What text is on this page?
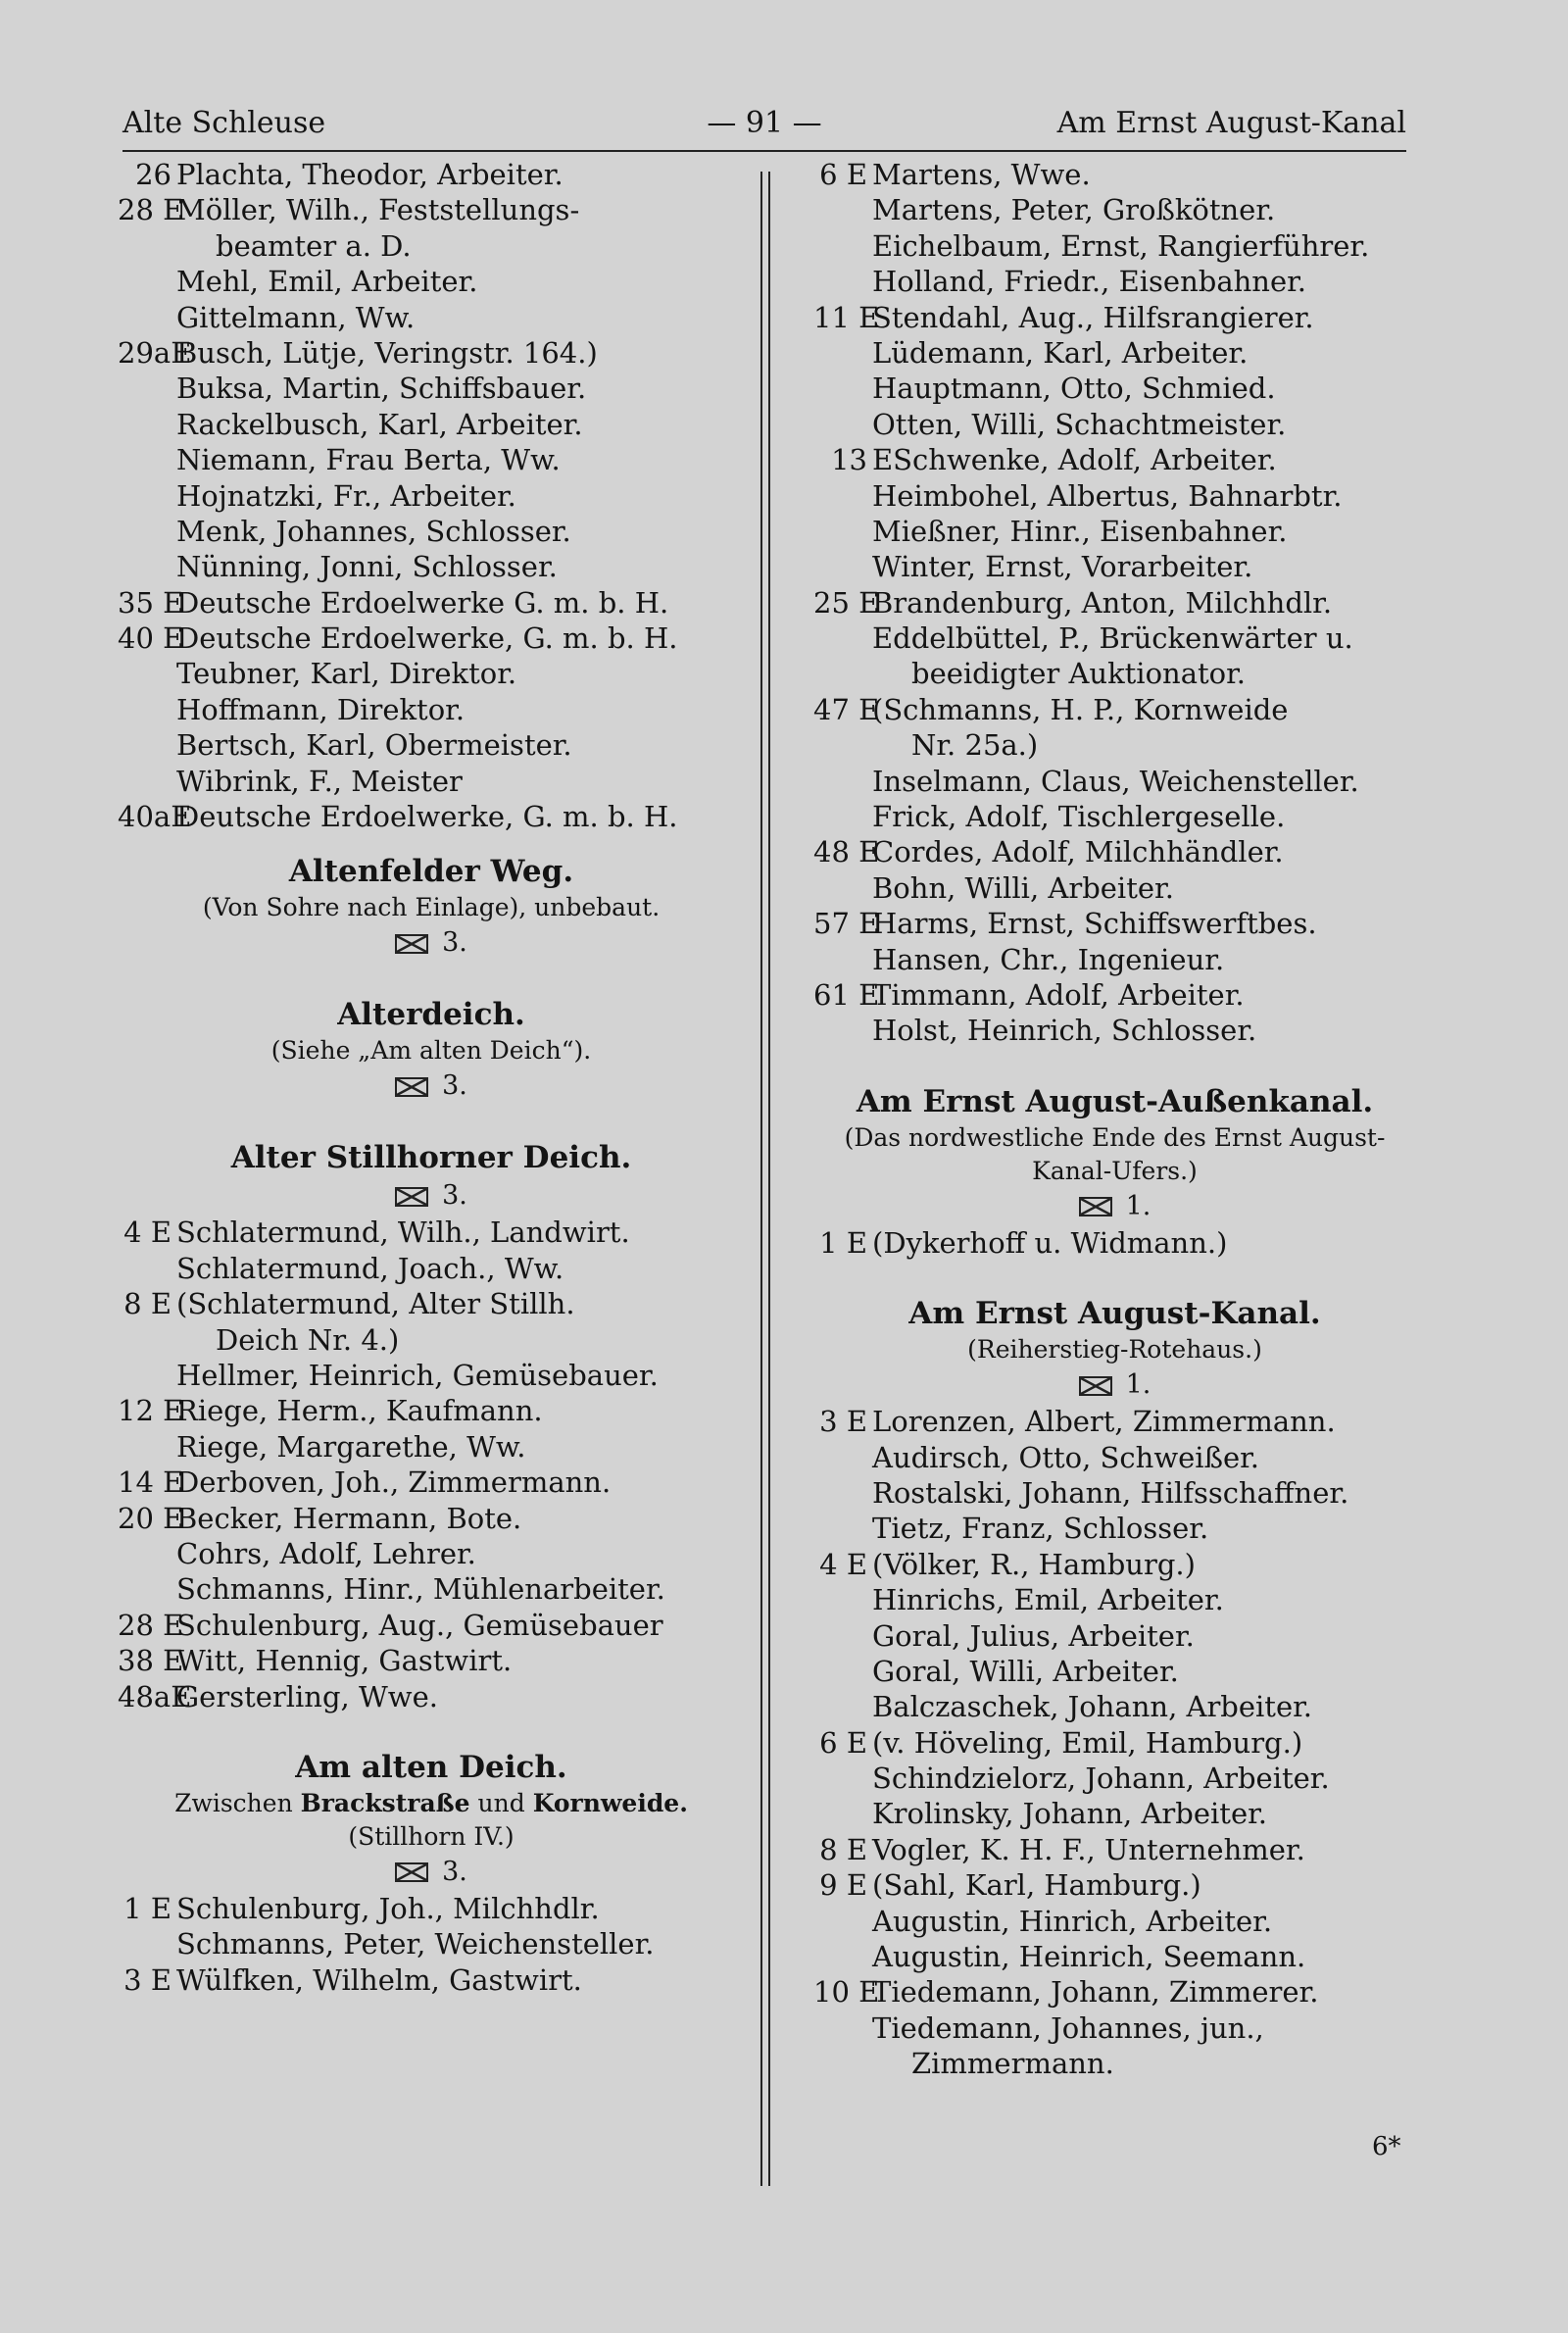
Alte Schleuse	— 91 —	Am Ernst August-Kanal
26 Plachta, Theodor, Arbeiter.
28 E
Möller, Wilh., Feststellungs-
beamter a. D.
Mehl, Emil, Arbeiter.
Gittelmann, Ww.
29aE
Busch, Lütje, Veringstr. 164.)
Buksa, Martin, Schiffsbauer.
Rackelbusch, Karl, Arbeiter.
Niemann, Frau Berta, Ww.
Hojnatzki, Fr., Arbeiter.
Menk, Johannes, Schlosser.
Nünning, Jonni, Schlosser.
35 E
Deutsche Erdoelwerke G. m. b. H.
40 E
Deutsche Erdoelwerke, G. m. b. H.
Teubner, Karl, Direktor.
Hoffmann, Direktor.
Bertsch, Karl, Obermeister.
Wibrink, F., Meister
40aE
Deutsche Erdoelwerke, G. m. b. H.
Altenfelder Weg.
(Von Sohre nach Einlage), unbebaut.
3.
Alterdeich.
(Siehe „Am alten Deich“).
3.
Alter Stillhorner Deich.
3.
4 E Schlatermund, Wilh., Landwirt.
Schlatermund, Joach., Ww.
8 E (Schlatermund, Alter Stillh.
Deich Nr. 4.)
Hellmer, Heinrich, Gemüsebauer.
12 E
Riege, Herm., Kaufmann.
Riege, Margarethe, Ww.
14 E
Derboven, Joh., Zimmermann.
20 E
Becker, Hermann, Bote.
Cohrs, Adolf, Lehrer.
Schmanns, Hinr., Mühlenarbeiter.
28 E
Schulenburg, Aug., Gemüsebauer
38 E
Witt, Hennig, Gastwirt.
48aE
Gersterling, Wwe.
Am alten Deich.
Zwischen Brackstraße und Kornweide.
(Stillhorn IV.)
3.
1 E Schulenburg, Joh., Milchhdlr.
Schmanns, Peter, Weichensteller.
3 E Wülfken, Wilhelm, Gastwirt.
6 E Martens, Wwe.
Martens, Peter, Großkötner.
Eichelbaum, Ernst, Rangierführer.
Holland, Friedr., Eisenbahner.
11 E
Stendahl, Aug., Hilfsrangierer.
Lüdemann, Karl, Arbeiter.
Hauptmann, Otto, Schmied.
Otten, Willi, Schachtmeister.
13 ESchwenke, Adolf, Arbeiter.
Heimbohel, Albertus, Bahnarbtr.
Mießner, Hinr., Eisenbahner.
Winter, Ernst, Vorarbeiter.
25 E
Brandenburg, Anton, Milchhdlr.
Eddelbüttel, P., Brückenwärter u.
beeidigter Auktionator.
47 E
(Schmanns, H. P., Kornweide
Nr. 25a.)
Inselmann, Claus, Weichensteller.
Frick, Adolf, Tischlergeselle.
48 E
Cordes, Adolf, Milchhändler.
Bohn, Willi, Arbeiter.
57 E
Harms, Ernst, Schiffswerftbes.
Hansen, Chr., Ingenieur.
61 E
Timmann, Adolf, Arbeiter.
Holst, Heinrich, Schlosser.
Am Ernst August-Außenkanal.
(Das nordwestliche Ende des Ernst August-
Kanal-Ufers.)
1.
1 E (Dykerhoff u. Widmann.)
Am Ernst August-Kanal.
(Reiherstieg-Rotehaus.)
1.
3 E Lorenzen, Albert, Zimmermann.
Audirsch, Otto, Schweißer.
Rostalski, Johann, Hilfsschaffner.
Tietz, Franz, Schlosser.
4 E (Völker, R., Hamburg.)
Hinrichs, Emil, Arbeiter.
Goral, Julius, Arbeiter.
Goral, Willi, Arbeiter.
Balczaschek, Johann, Arbeiter.
6 E (v. Höveling, Emil, Hamburg.)
Schindzielorz, Johann, Arbeiter.
Krolinsky, Johann, Arbeiter.
8 E Vogler, K. H. F., Unternehmer.
9 E (Sahl, Karl, Hamburg.)
Augustin, Hinrich, Arbeiter.
Augustin, Heinrich, Seemann.
10 E
Tiedemann, Johann, Zimmerer.
Tiedemann, Johannes, jun.,
Zimmermann.
6*
